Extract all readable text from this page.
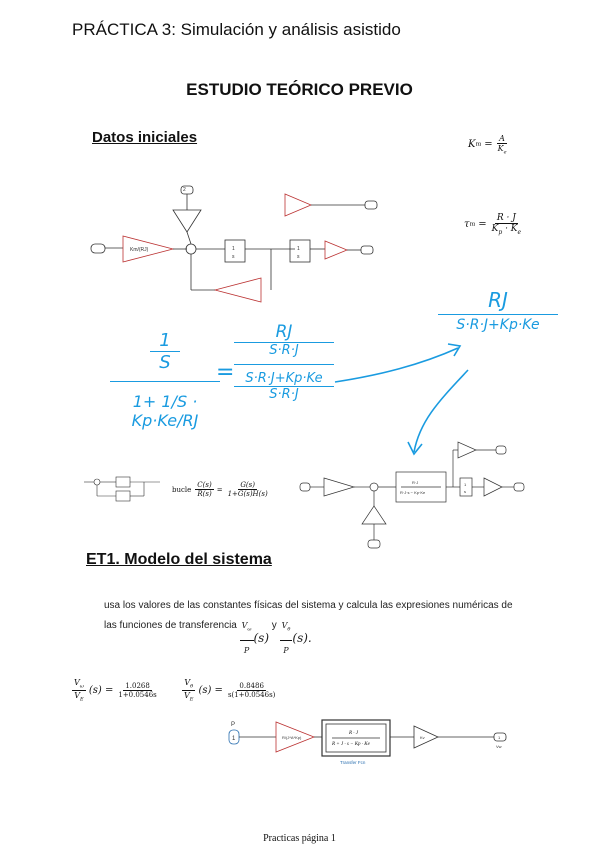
PRÁCTICA 3: Simulación y análisis asistido
ESTUDIO TEÓRICO PREVIO
Datos iniciales	K $m = \frac{A}{K_e}$
τ $m = \frac{R \cdot J}{K_p \cdot K_e}$
1
s
1
s
Km/(RJ)
2
RJ
S·R·J+Kp·Ke
1
S
1+ 1/S · Kp·Ke/RJ
=
RJ
S·R·J
S·R·J+Kp·Ke
S·R·J
bucle $\frac{C(s)}{R(s)} = \frac{G(s)}{1+G(s)H(s)}$	R·J
R·J·s − Kp·Ke
1
s
ET1. Modelo del sistema
usa los valores de las constantes físicas del sistema y calcula las expresiones numéricas de las funciones de transferencia $\frac{V_\omega}{P} (s)$
y $\frac{V_\theta}{P} (s)$.
$\frac{V_\omega}{V_E} (s) = \frac{1.0268}{1+0.0546s}$	$\frac{V_\theta}{V_E} (s) = \frac{0.8486}{s(1+0.0546s)}$
P
1	R/(J*A*Kp)
R · J
R + J · s − Kp · Ke
Transfer Fcn
Kv	1
Vw
Practicas página 1
